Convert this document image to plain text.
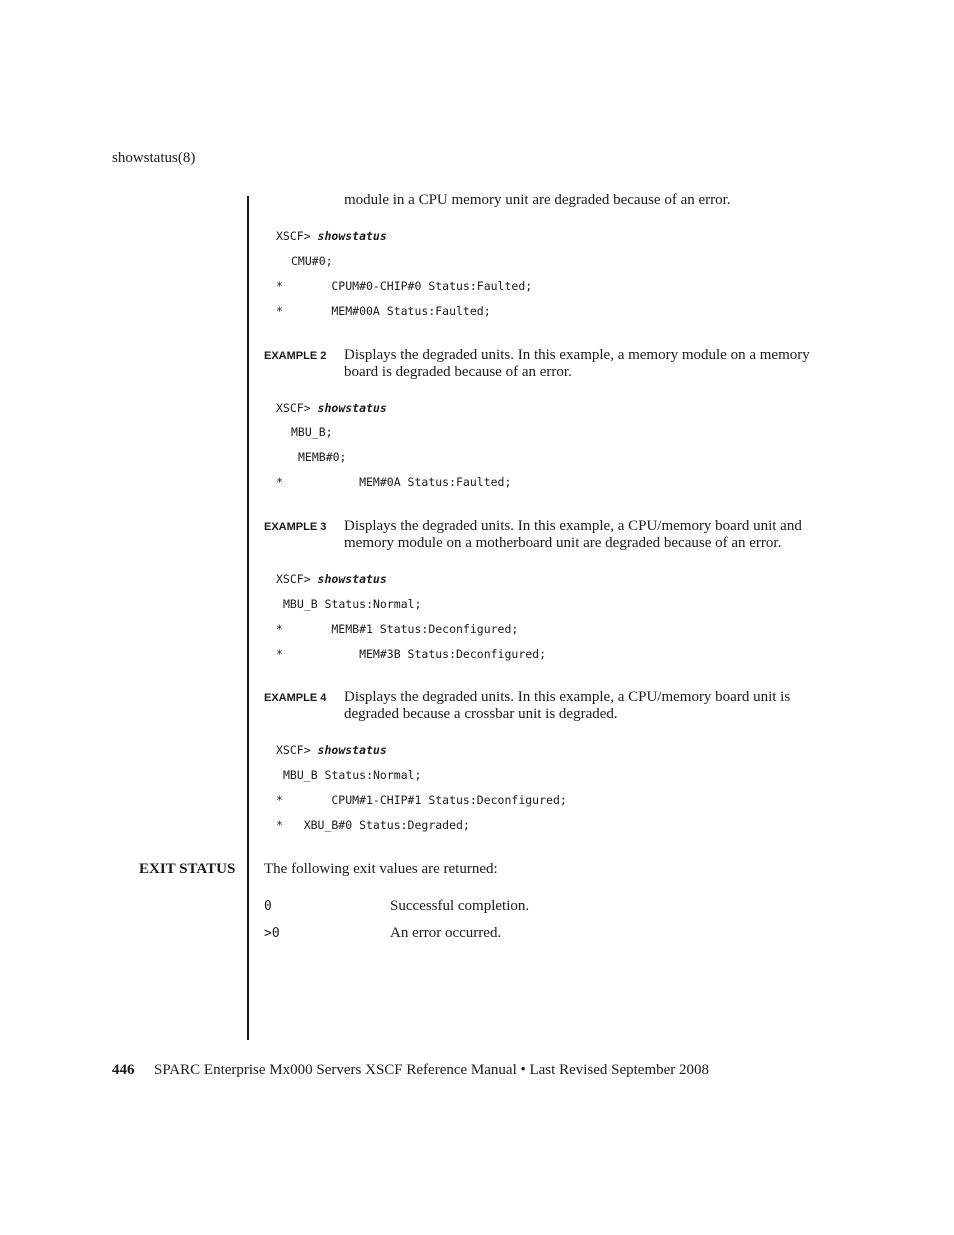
showstatus(8)
module in a CPU memory unit are degraded because of an error.
XSCF> showstatus
CMU#0;
*       CPUM#0-CHIP#0 Status:Faulted;
*       MEM#00A Status:Faulted;
EXAMPLE 2 Displays the degraded units. In this example, a memory module on a memory board is degraded because of an error.
XSCF> showstatus
MBU_B;
MEMB#0;
*           MEM#0A Status:Faulted;
EXAMPLE 3 Displays the degraded units. In this example, a CPU/memory board unit and memory module on a motherboard unit are degraded because of an error.
XSCF> showstatus
MBU_B Status:Normal;
*       MEMB#1 Status:Deconfigured;
*           MEM#3B Status:Deconfigured;
EXAMPLE 4 Displays the degraded units. In this example, a CPU/memory board unit is degraded because a crossbar unit is degraded.
XSCF> showstatus
MBU_B Status:Normal;
*       CPUM#1-CHIP#1 Status:Deconfigured;
*   XBU_B#0 Status:Degraded;
EXIT STATUS The following exit values are returned:
0	Successful completion.
>0	An error occurred.
446 SPARC Enterprise Mx000 Servers XSCF Reference Manual • Last Revised September 2008
